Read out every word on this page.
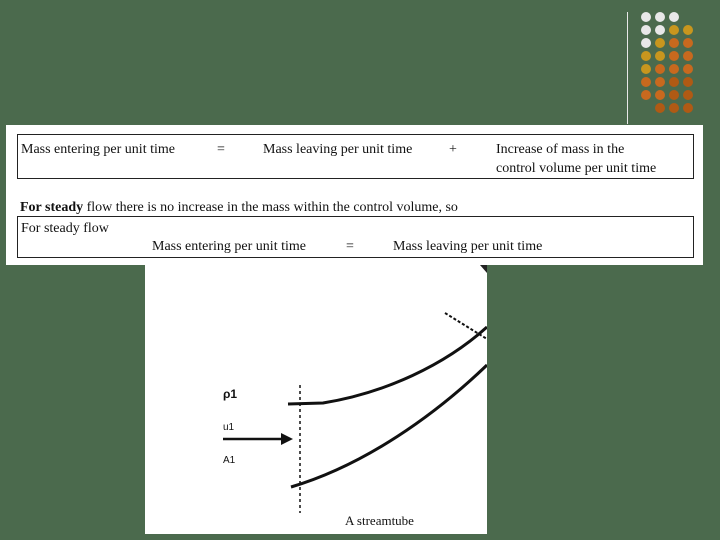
Mass entering per unit time	=	Mass leaving per unit time	+	Increase of mass in the
control volume per unit time
For steady flow there is no increase in the mass within the control volume, so
For steady flow
Mass entering per unit time	=	Mass leaving per unit time
ρ1
u1
A1
A streamtube
